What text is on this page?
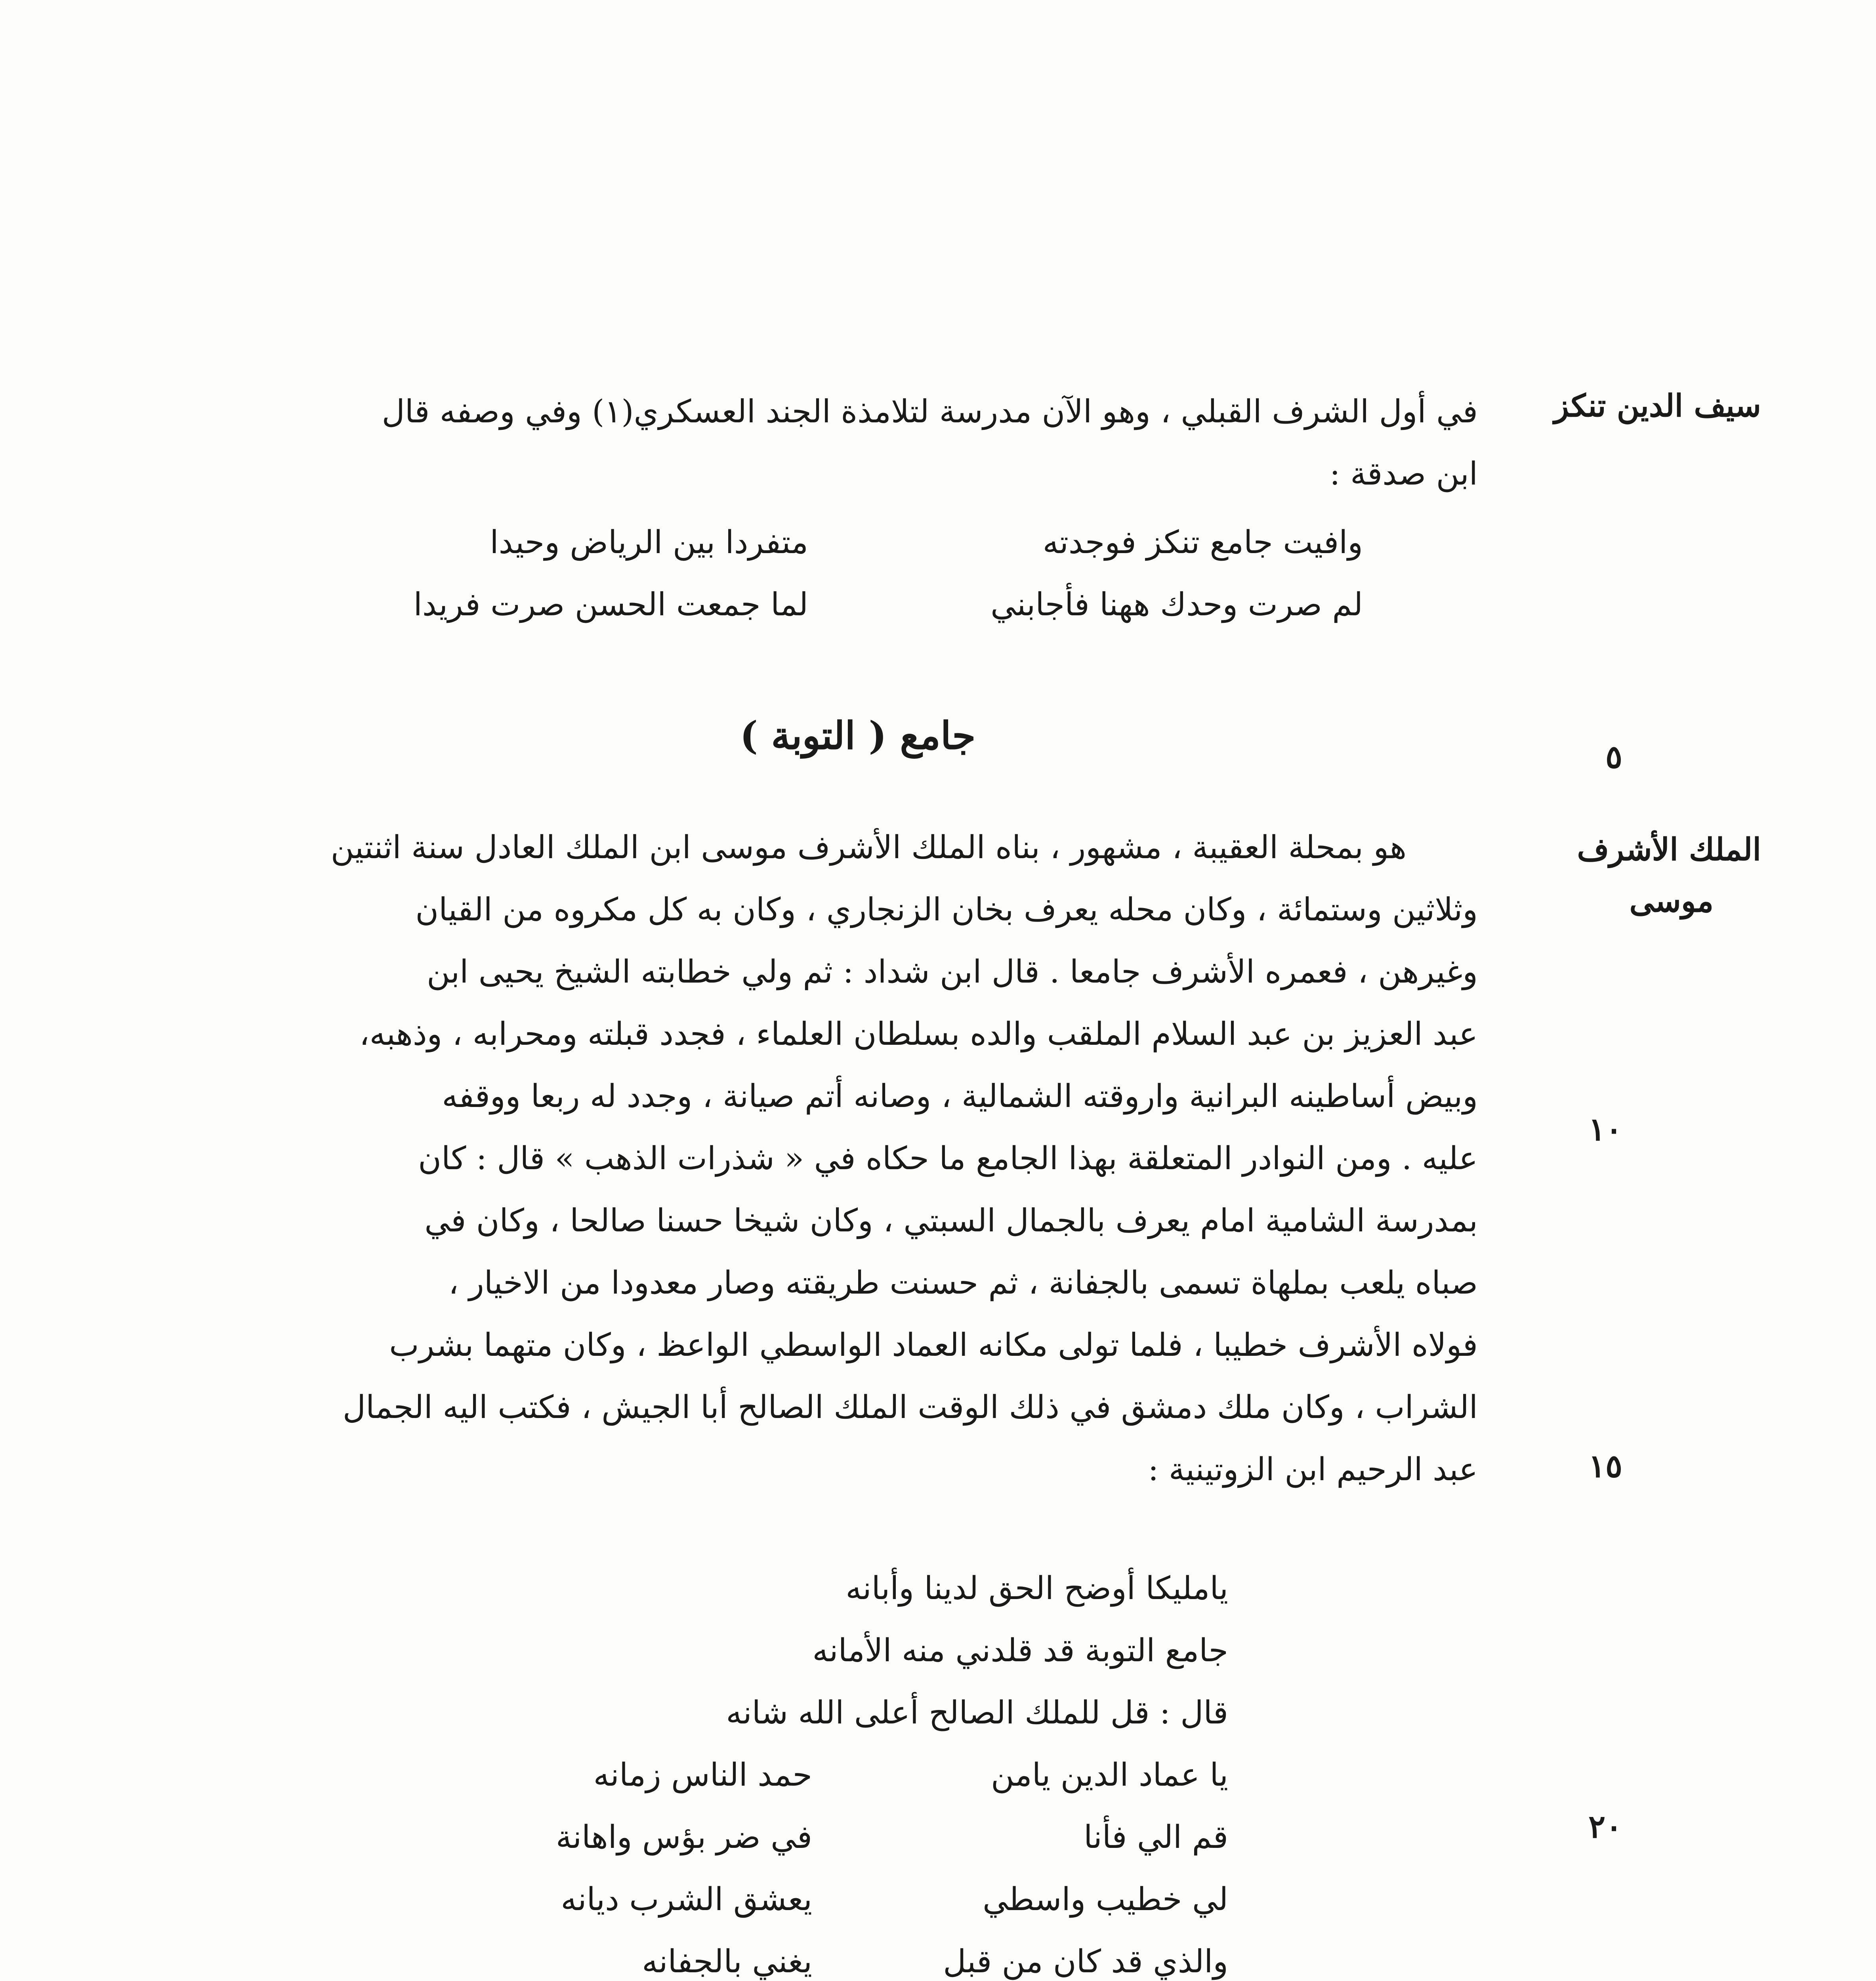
سيف الدين تنكز
الملك الأشرف
موسى
٥
١٠
١٥
٢٠

في أول الشرف القبلي ، وهو الآن مدرسة لتلامذة الجند العسكري(١) وفي وصفه قال

ابن صدقة :

وافيت جامع تنكز فوجدته
متفردا بين الرياض وحيدا
لم صرت وحدك ههنا فأجابني
لما جمعت الحسن صرت فريدا
جامع ( التوبة )

هو بمحلة العقيبة ، مشهور ، بناه الملك الأشرف موسى ابن الملك العادل سنة اثنتين

وثلاثين وستمائة ، وكان محله يعرف بخان الزنجاري ، وكان به كل مكروه من القيان

وغيرهن ، فعمره الأشرف جامعا . قال ابن شداد : ثم ولي خطابته الشيخ يحيى ابن

عبد العزيز بن عبد السلام الملقب والده بسلطان العلماء ، فجدد قبلته ومحرابه ، وذهبه،

وبيض أساطينه البرانية واروقته الشمالية ، وصانه أتم صيانة ، وجدد له ربعا ووقفه

عليه . ومن النوادر المتعلقة بهذا الجامع ما حكاه في « شذرات الذهب » قال : كان

بمدرسة الشامية امام يعرف بالجمال السبتي ، وكان شيخا حسنا صالحا ، وكان في

صباه يلعب بملهاة تسمى بالجفانة ، ثم حسنت طريقته وصار معدودا من الاخيار ،

فولاه الأشرف خطيبا ، فلما تولى مكانه العماد الواسطي الواعظ ، وكان متهما بشرب

الشراب ، وكان ملك دمشق في ذلك الوقت الملك الصالح أبا الجيش ، فكتب اليه الجمال

عبد الرحيم ابن الزوتينية :

يامليكا أوضح الحق لدينا وأبانه
جامع التوبة قد قلدني منه الأمانه
قال : قل للملك الصالح أعلى الله شانه
يا عماد الدين يامن
حمد الناس زمانه
قم الي فأنا
في ضر بؤس واهانة
لي خطيب واسطي
يعشق الشرب ديانه
والذي قد كان من قبل
يغني بالجفانه
